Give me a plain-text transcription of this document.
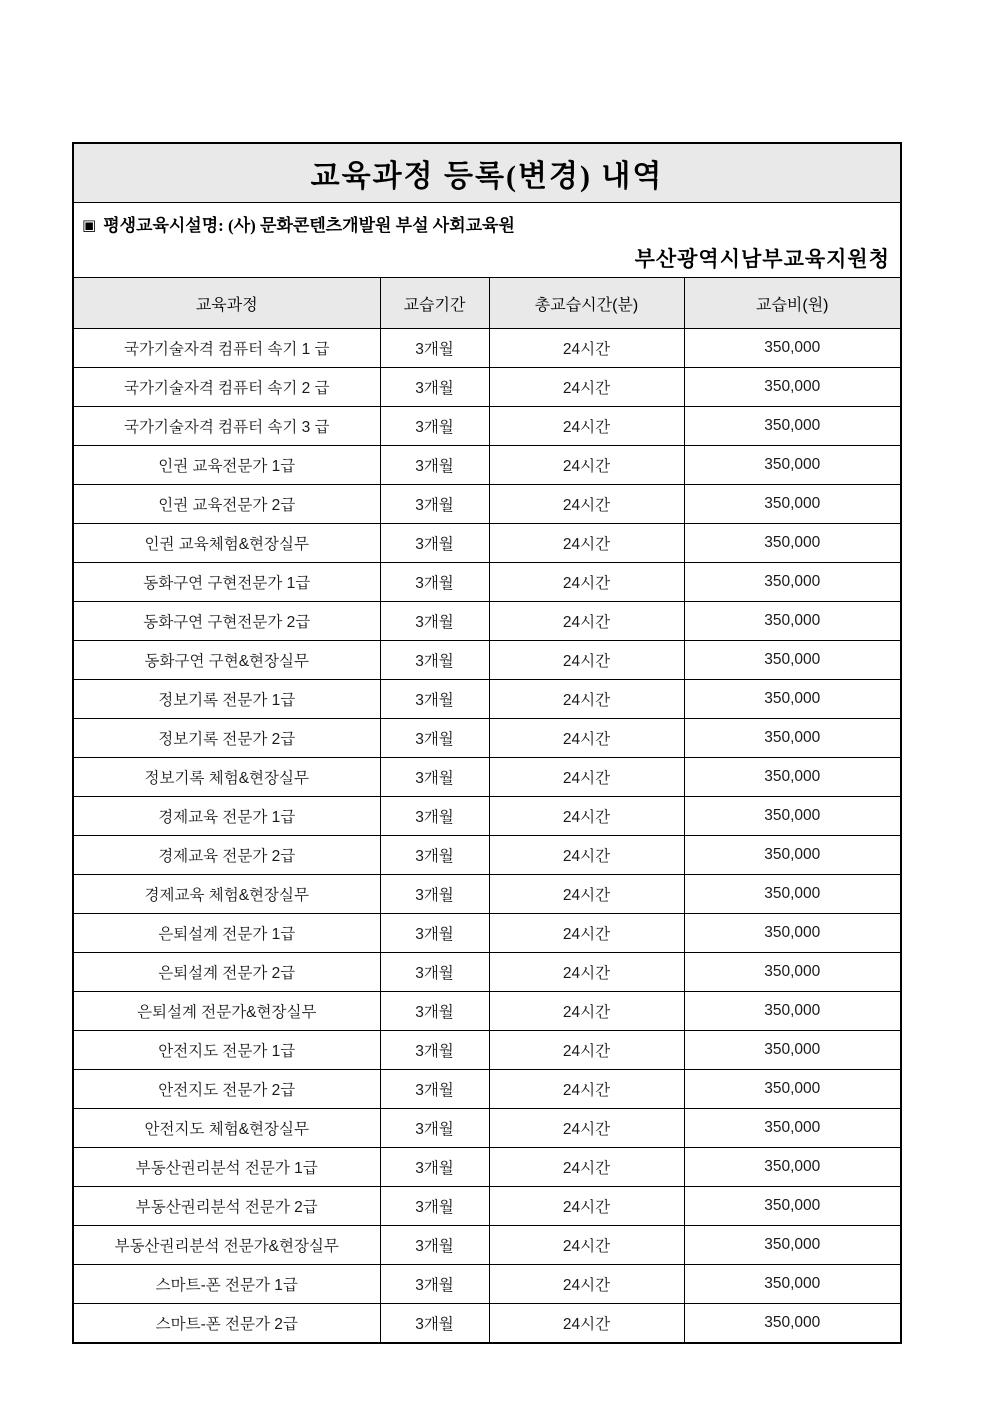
교육과정 등록(변경) 내역
▣ 평생교육시설명: (사) 문화콘텐츠개발원 부설 사회교육원
부산광역시남부교육지원청
교육과정	교습기간	총교습시간(분)	교습비(원)
국가기술자격 컴퓨터 속기 1 급	3개월	24시간	350,000
국가기술자격 컴퓨터 속기 2 급	3개월	24시간	350,000
국가기술자격 컴퓨터 속기 3 급	3개월	24시간	350,000
인권 교육전문가 1급	3개월	24시간	350,000
인권 교육전문가 2급	3개월	24시간	350,000
인권 교육체험&현장실무	3개월	24시간	350,000
동화구연 구현전문가 1급	3개월	24시간	350,000
동화구연 구현전문가 2급	3개월	24시간	350,000
동화구연 구현&현장실무	3개월	24시간	350,000
정보기록 전문가 1급	3개월	24시간	350,000
정보기록 전문가 2급	3개월	24시간	350,000
정보기록 체험&현장실무	3개월	24시간	350,000
경제교육 전문가 1급	3개월	24시간	350,000
경제교육 전문가 2급	3개월	24시간	350,000
경제교육 체험&현장실무	3개월	24시간	350,000
은퇴설계 전문가 1급	3개월	24시간	350,000
은퇴설계 전문가 2급	3개월	24시간	350,000
은퇴설계 전문가&현장실무	3개월	24시간	350,000
안전지도 전문가 1급	3개월	24시간	350,000
안전지도 전문가 2급	3개월	24시간	350,000
안전지도 체험&현장실무	3개월	24시간	350,000
부동산권리분석 전문가 1급	3개월	24시간	350,000
부동산권리분석 전문가 2급	3개월	24시간	350,000
부동산권리분석 전문가&현장실무	3개월	24시간	350,000
스마트-폰 전문가 1급	3개월	24시간	350,000
스마트-폰 전문가 2급	3개월	24시간	350,000
